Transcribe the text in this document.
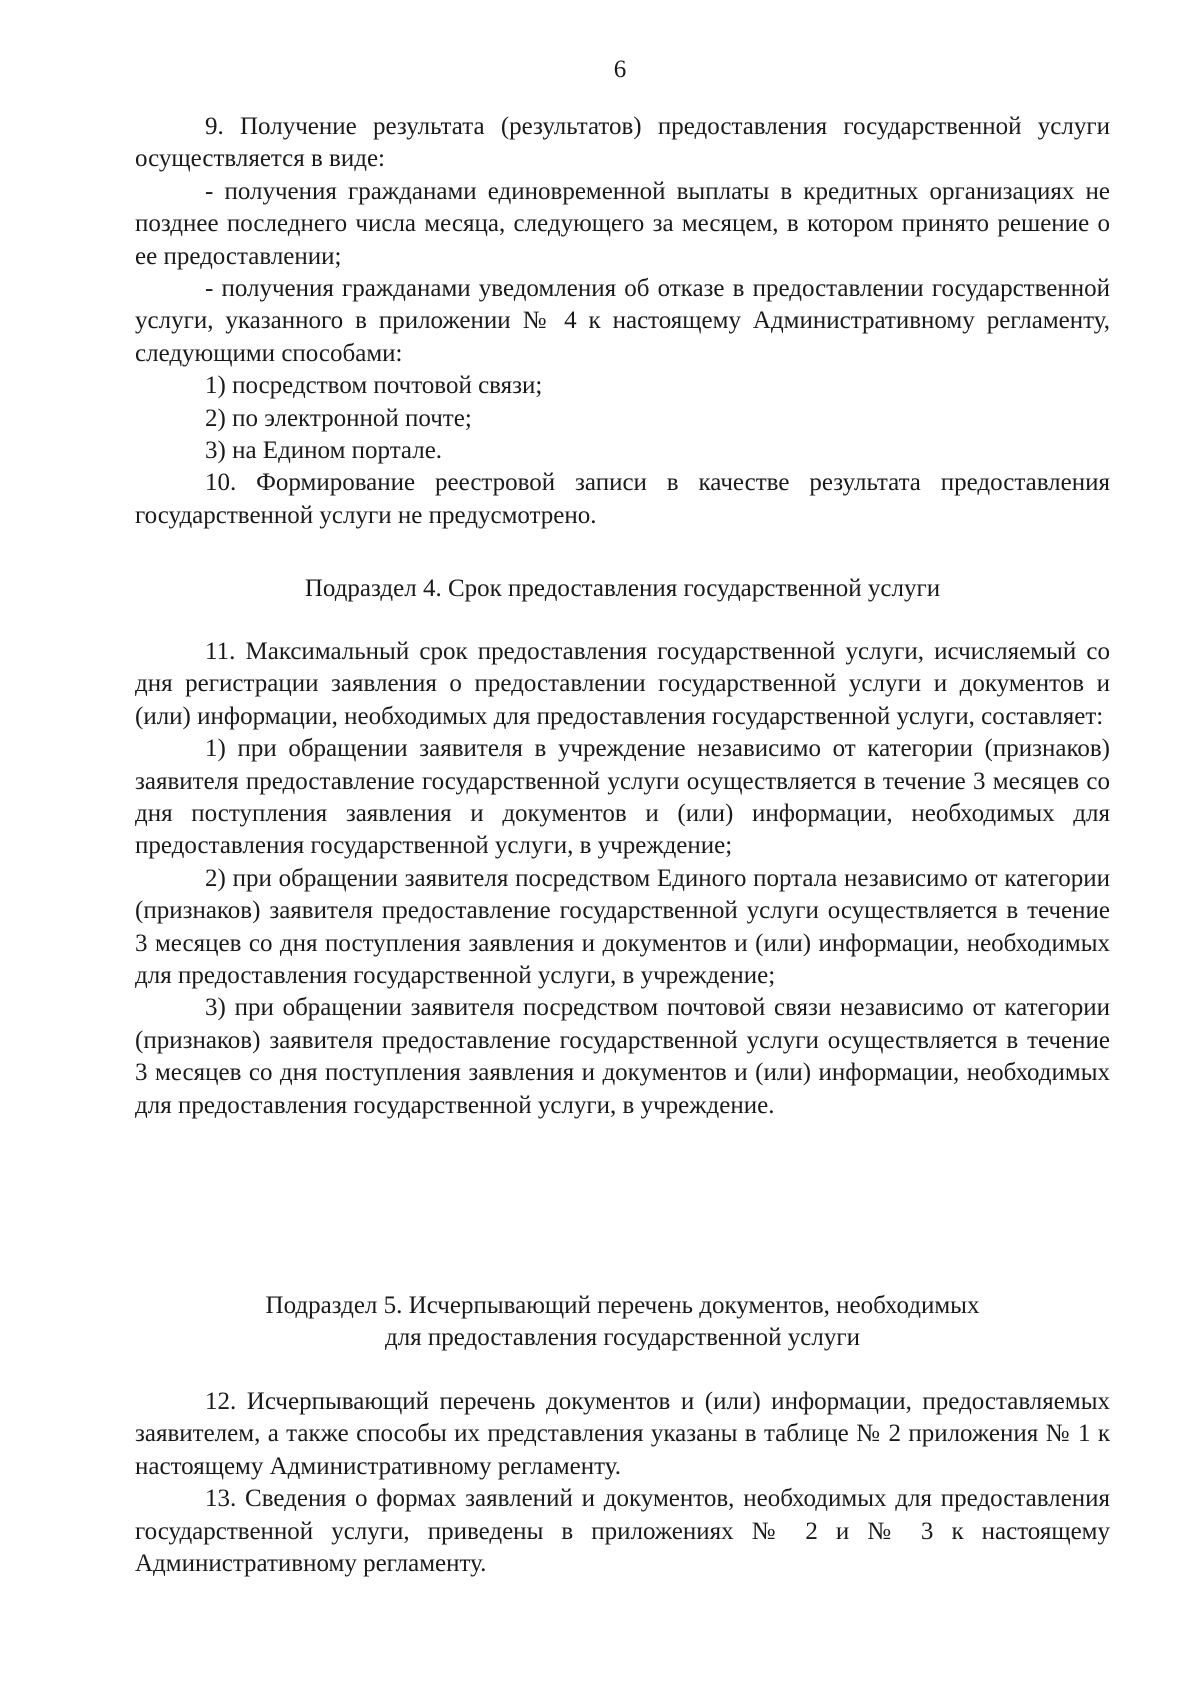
6

9. Получение результата (результатов) предоставления государственной услуги осуществляется в виде:

- получения гражданами единовременной выплаты в кредитных организациях не позднее последнего числа месяца, следующего за месяцем, в котором принято решение о ее предоставлении;

- получения гражданами уведомления об отказе в предоставлении государственной услуги, указанного в приложении № 4 к настоящему Административному регламенту, следующими способами:

1) посредством почтовой связи;

2) по электронной почте;

3) на Едином портале.

10. Формирование реестровой записи в качестве результата предоставления государственной услуги не предусмотрено.

Подраздел 4. Срок предоставления государственной услуги

11. Максимальный срок предоставления государственной услуги, исчисляемый со дня регистрации заявления о предоставлении государственной услуги и документов и (или) информации, необходимых для предоставления государственной услуги, составляет:

1) при обращении заявителя в учреждение независимо от категории (признаков) заявителя предоставление государственной услуги осуществляется в течение 3 месяцев со дня поступления заявления и документов и (или) информации, необходимых для предоставления государственной услуги, в учреждение;

2) при обращении заявителя посредством Единого портала независимо от категории (признаков) заявителя предоставление государственной услуги осуществляется в течение 3 месяцев со дня поступления заявления и документов и (или) информации, необходимых для предоставления государственной услуги, в учреждение;

3) при обращении заявителя посредством почтовой связи независимо от категории (признаков) заявителя предоставление государственной услуги осуществляется в течение 3 месяцев со дня поступления заявления и документов и (или) информации, необходимых для предоставления государственной услуги, в учреждение.

Подраздел 5. Исчерпывающий перечень документов, необходимых
для предоставления государственной услуги

12. Исчерпывающий перечень документов и (или) информации, предоставляемых заявителем, а также способы их представления указаны в таблице № 2 приложения № 1 к настоящему Административному регламенту.

13. Сведения о формах заявлений и документов, необходимых для предоставления государственной услуги, приведены в приложениях № 2 и № 3 к настоящему Административному регламенту.
